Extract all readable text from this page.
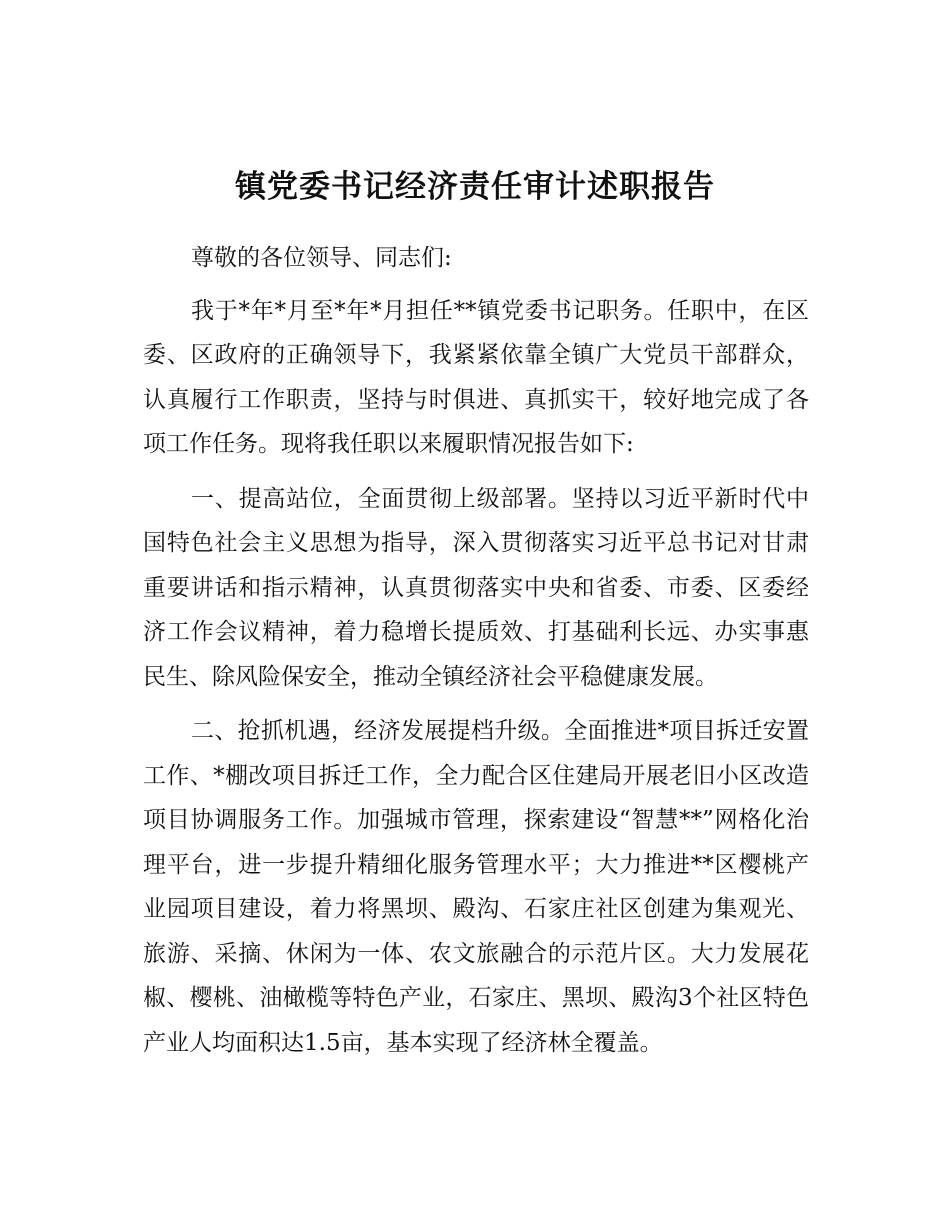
镇党委书记经济责任审计述职报告

尊敬的各位领导、同志们:

我于*年*月至*年*月担任**镇党委书记职务。任职中，在区委、区政府的正确领导下，我紧紧依靠全镇广大党员干部群众，认真履行工作职责，坚持与时俱进、真抓实干，较好地完成了各项工作任务。现将我任职以来履职情况报告如下:

一、提高站位，全面贯彻上级部署。坚持以习近平新时代中国特色社会主义思想为指导，深入贯彻落实习近平总书记对甘肃重要讲话和指示精神，认真贯彻落实中央和省委、市委、区委经济工作会议精神，着力稳增长提质效、打基础利长远、办实事惠民生、除风险保安全，推动全镇经济社会平稳健康发展。

二、抢抓机遇，经济发展提档升级。全面推进*项目拆迁安置工作、*棚改项目拆迁工作，全力配合区住建局开展老旧小区改造项目协调服务工作。加强城市管理，探索建设“智慧**”网格化治理平台，进一步提升精细化服务管理水平；大力推进**区樱桃产业园项目建设，着力将黑坝、殿沟、石家庄社区创建为集观光、旅游、采摘、休闲为一体、农文旅融合的示范片区。大力发展花椒、樱桃、油橄榄等特色产业，石家庄、黑坝、殿沟3个社区特色产业人均面积达1.5亩，基本实现了经济林全覆盖。
